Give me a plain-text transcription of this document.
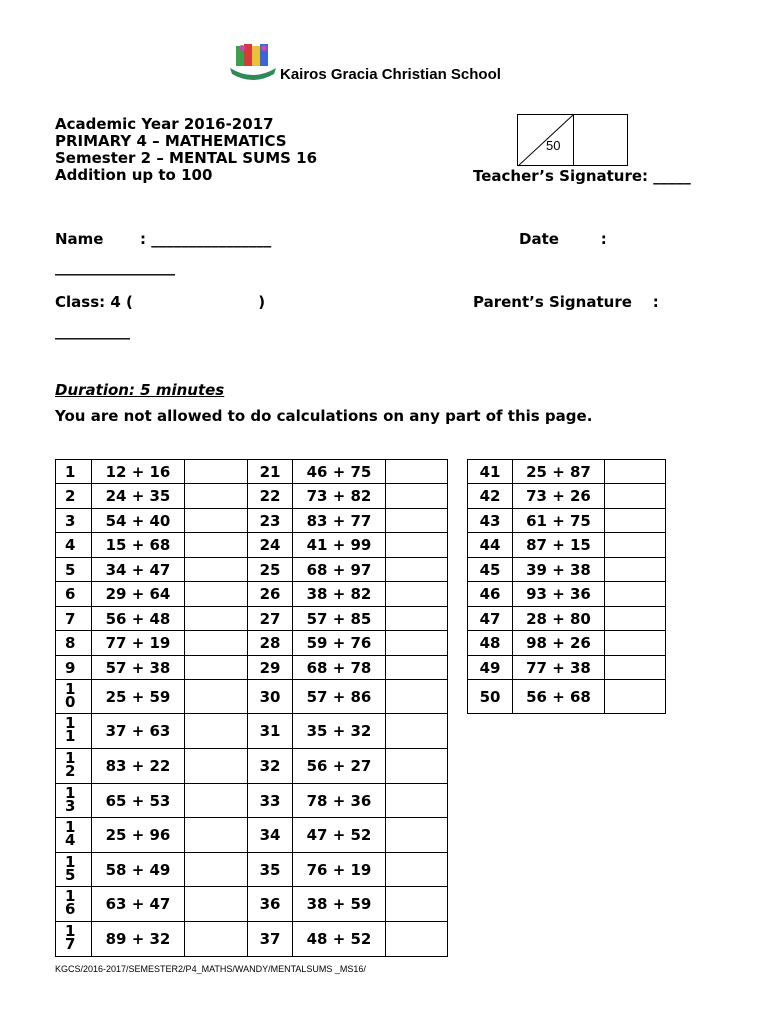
Kairos Gracia Christian School
Academic Year 2016-2017
PRIMARY 4 – MATHEMATICS
Semester 2 – MENTAL SUMS 16
Addition up to 100	Teacher’s Signature: _____
50
Name       : ________________	Date        :
________________
Class: 4 (                        )	Parent’s Signature    :
__________
Duration: 5 minutes
You are not allowed to do calculations on any part of this page.
1	12 + 16	
2	24 + 35	
3	54 + 40	
4	15 + 68	
5	34 + 47	
6	29 + 64	
7	56 + 48	
8	77 + 19	
9	57 + 38	
10	25 + 59	
11	37 + 63	
12	83 + 22	
13	65 + 53	
14	25 + 96	
15	58 + 49	
16	63 + 47	
17	89 + 32	
21	46 + 75	
22	73 + 82	
23	83 + 77	
24	41 + 99	
25	68 + 97	
26	38 + 82	
27	57 + 85	
28	59 + 76	
29	68 + 78	
30	57 + 86	
31	35 + 32	
32	56 + 27	
33	78 + 36	
34	47 + 52	
35	76 + 19	
36	38 + 59	
37	48 + 52	
41	25 + 87	
42	73 + 26	
43	61 + 75	
44	87 + 15	
45	39 + 38	
46	93 + 36	
47	28 + 80	
48	98 + 26	
49	77 + 38	
50	56 + 68	
KGCS/2016-2017/SEMESTER2/P4_MATHS/WANDY/MENTALSUMS _MS16/
